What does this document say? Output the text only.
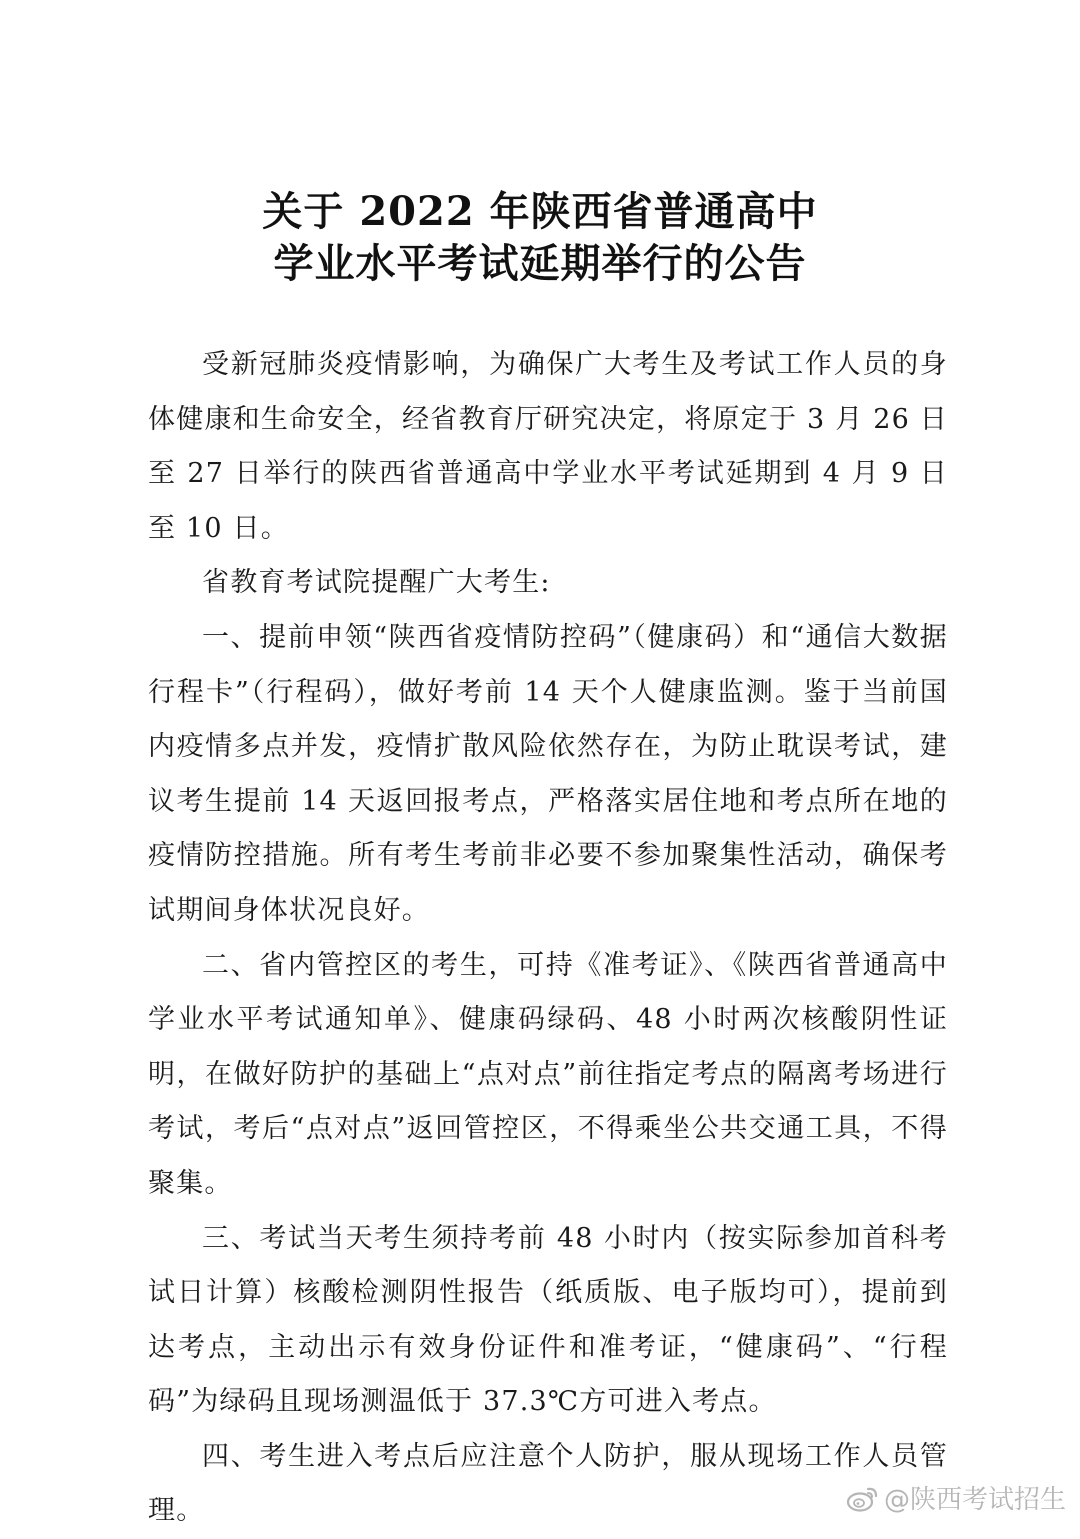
关于 2022 年陕西省普通高中
学业水平考试延期举行的公告

受新冠肺炎疫情影响，为确保广大考生及考试工作人员的身体健康和生命安全，经省教育厅研究决定，将原定于 3 月 26 日至 27 日举行的陕西省普通高中学业水平考试延期到 4 月 9 日至 10 日。

省教育考试院提醒广大考生:

一、提前申领“陕西省疫情防控码”（健康码）和“通信大数据行程卡”（行程码），做好考前 14 天个人健康监测。鉴于当前国内疫情多点并发，疫情扩散风险依然存在，为防止耽误考试，建议考生提前 14 天返回报考点，严格落实居住地和考点所在地的疫情防控措施。所有考生考前非必要不参加聚集性活动，确保考试期间身体状况良好。

二、省内管控区的考生，可持《准考证》、《陕西省普通高中学业水平考试通知单》、健康码绿码、48 小时两次核酸阴性证明，在做好防护的基础上“点对点”前往指定考点的隔离考场进行考试，考后“点对点”返回管控区，不得乘坐公共交通工具，不得聚集。

三、考试当天考生须持考前 48 小时内（按实际参加首科考试日计算）核酸检测阴性报告（纸质版、电子版均可），提前到达考点，主动出示有效身份证件和准考证，“健康码”、“行程码”为绿码且现场测温低于 37.3℃方可进入考点。

四、考生进入考点后应注意个人防护，服从现场工作人员管理。	@陕西考试招生
